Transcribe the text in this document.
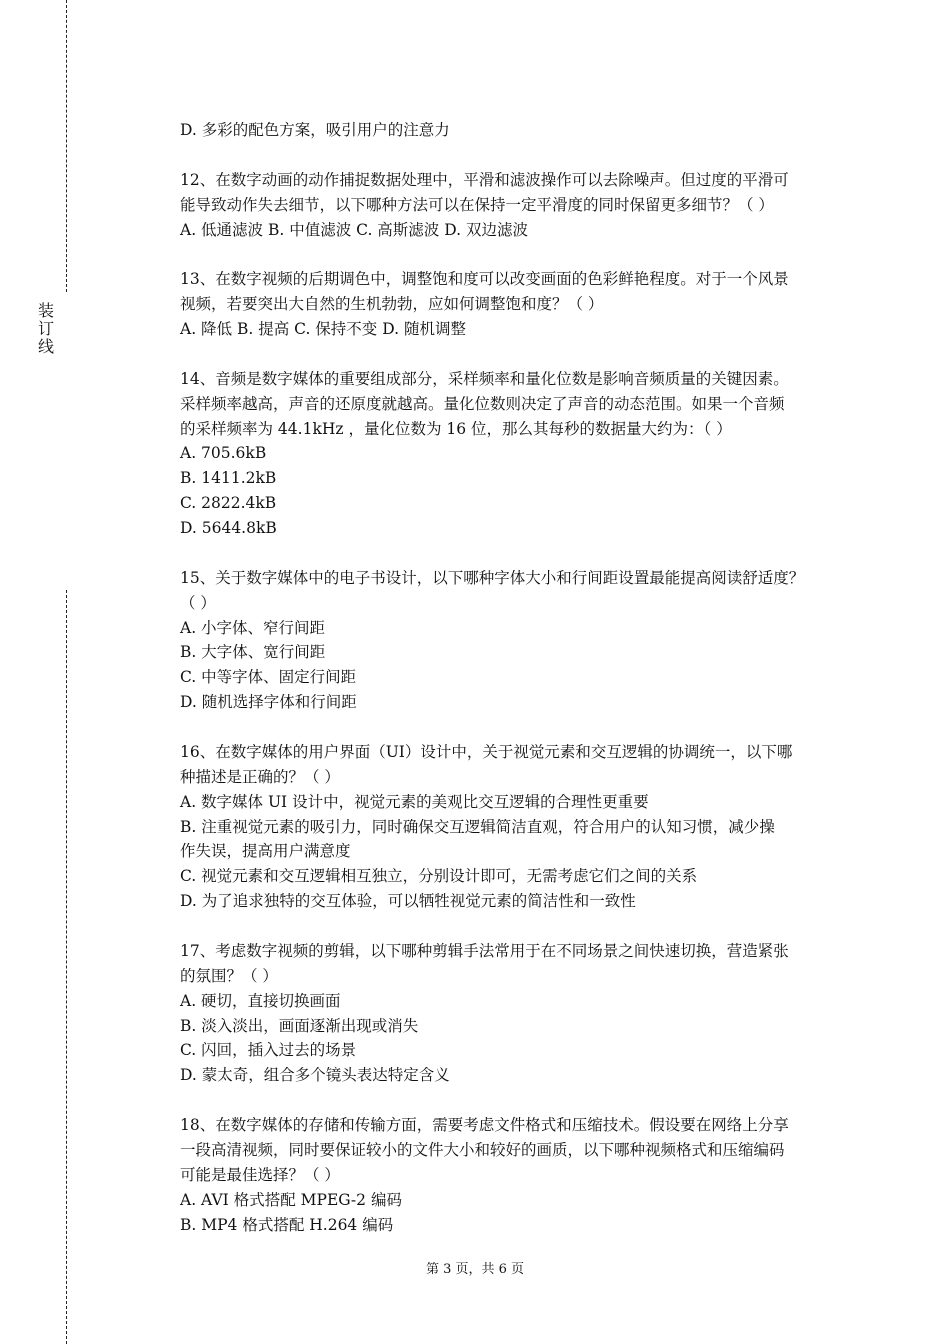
装订线
D. 多彩的配色方案，吸引用户的注意力
12、在数字动画的动作捕捉数据处理中，平滑和滤波操作可以去除噪声。但过度的平滑可
能导致动作失去细节，以下哪种方法可以在保持一定平滑度的同时保留更多细节？（ ）
A. 低通滤波 B. 中值滤波 C. 高斯滤波 D. 双边滤波
13、在数字视频的后期调色中，调整饱和度可以改变画面的色彩鲜艳程度。对于一个风景
视频，若要突出大自然的生机勃勃，应如何调整饱和度？（ ）
A. 降低 B. 提高 C. 保持不变 D. 随机调整
14、音频是数字媒体的重要组成部分，采样频率和量化位数是影响音频质量的关键因素。
采样频率越高，声音的还原度就越高。量化位数则决定了声音的动态范围。如果一个音频
的采样频率为 44.1kHz ，量化位数为 16 位，那么其每秒的数据量大约为：（ ）
A. 705.6kB
B. 1411.2kB
C. 2822.4kB
D. 5644.8kB
15、关于数字媒体中的电子书设计，以下哪种字体大小和行间距设置最能提高阅读舒适度？
（ ）
A. 小字体、窄行间距
B. 大字体、宽行间距
C. 中等字体、固定行间距
D. 随机选择字体和行间距
16、在数字媒体的用户界面（UI）设计中，关于视觉元素和交互逻辑的协调统一，以下哪
种描述是正确的？（ ）
A. 数字媒体 UI 设计中，视觉元素的美观比交互逻辑的合理性更重要
B. 注重视觉元素的吸引力，同时确保交互逻辑简洁直观，符合用户的认知习惯，减少操
作失误，提高用户满意度
C. 视觉元素和交互逻辑相互独立，分别设计即可，无需考虑它们之间的关系
D. 为了追求独特的交互体验，可以牺牲视觉元素的简洁性和一致性
17、考虑数字视频的剪辑，以下哪种剪辑手法常用于在不同场景之间快速切换，营造紧张
的氛围？（ ）
A. 硬切，直接切换画面
B. 淡入淡出，画面逐渐出现或消失
C. 闪回，插入过去的场景
D. 蒙太奇，组合多个镜头表达特定含义
18、在数字媒体的存储和传输方面，需要考虑文件格式和压缩技术。假设要在网络上分享
一段高清视频，同时要保证较小的文件大小和较好的画质，以下哪种视频格式和压缩编码
可能是最佳选择？（ ）
A. AVI 格式搭配 MPEG-2 编码
B. MP4 格式搭配 H.264 编码
第 3 页，共 6 页
